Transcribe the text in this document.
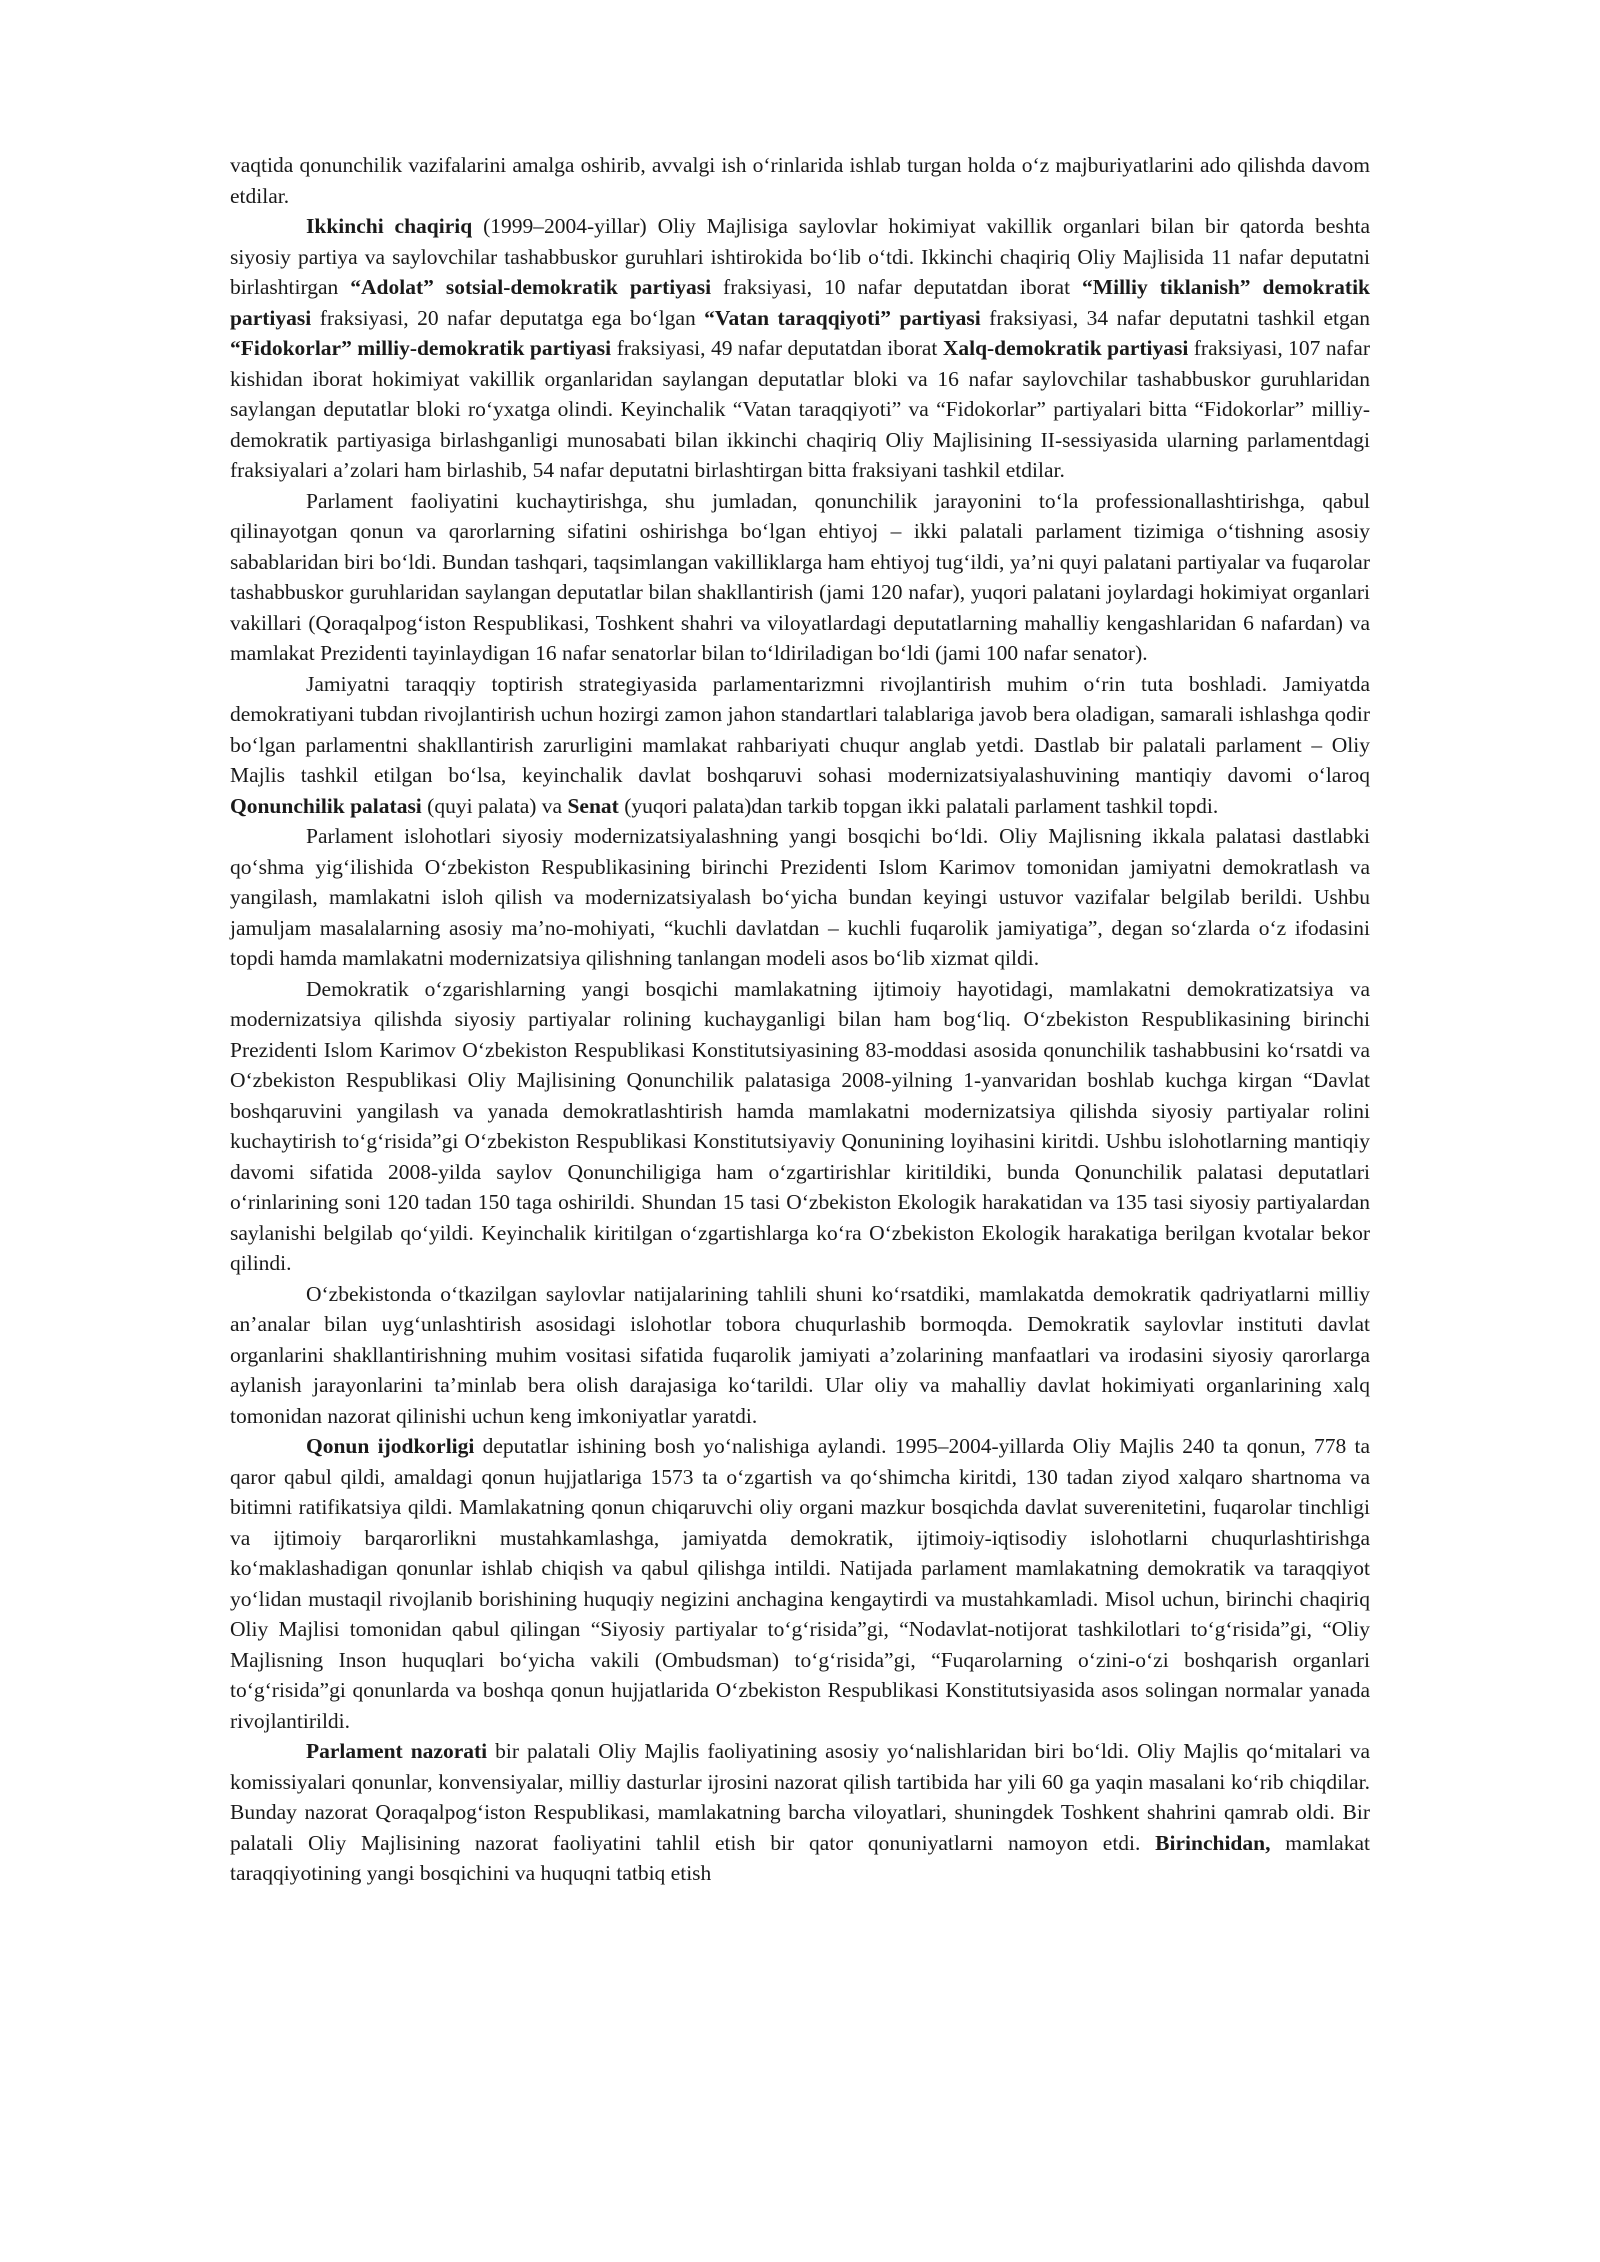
vaqtida qonunchilik vazifalarini amalga oshirib, avvalgi ish o‘rinlarida ishlab turgan holda o‘z majburiyatlarini ado qilishda davom etdilar.

Ikkinchi chaqiriq (1999–2004-yillar) Oliy Majlisiga saylovlar hokimiyat vakillik organlari bilan bir qatorda beshta siyosiy partiya va saylovchilar tashabbuskor guruhlari ishtirokida bo‘lib o‘tdi. Ikkinchi chaqiriq Oliy Majlisida 11 nafar deputatni birlashtirgan “Adolat” sotsial-demokratik partiyasi fraksiyasi, 10 nafar deputatdan iborat “Milliy tiklanish” demokratik partiyasi fraksiyasi, 20 nafar deputatga ega bo‘lgan “Vatan taraqqiyoti” partiyasi fraksiyasi, 34 nafar deputatni tashkil etgan “Fidokorlar” milliy-demokratik partiyasi fraksiyasi, 49 nafar deputatdan iborat Xalq-demokratik partiyasi fraksiyasi, 107 nafar kishidan iborat hokimiyat vakillik organlaridan saylangan deputatlar bloki va 16 nafar saylovchilar tashabbuskor guruhlaridan saylangan deputatlar bloki ro‘yxatga olindi. Keyinchalik “Vatan taraqqiyoti” va “Fidokorlar” partiyalari bitta “Fidokorlar” milliy-demokratik partiyasiga birlashganligi munosabati bilan ikkinchi chaqiriq Oliy Majlisining II-sessiyasida ularning parlamentdagi fraksiyalari a’zolari ham birlashib, 54 nafar deputatni birlashtirgan bitta fraksiyani tashkil etdilar.

Parlament faoliyatini kuchaytirishga, shu jumladan, qonunchilik jarayonini to‘la professionallashtirishga, qabul qilinayotgan qonun va qarorlarning sifatini oshirishga bo‘lgan ehtiyoj – ikki palatali parlament tizimiga o‘tishning asosiy sabablaridan biri bo‘ldi. Bundan tashqari, taqsimlangan vakilliklarga ham ehtiyoj tug‘ildi, ya’ni quyi palatani partiyalar va fuqarolar tashabbuskor guruhlaridan saylangan deputatlar bilan shakllantirish (jami 120 nafar), yuqori palatani joylardagi hokimiyat organlari vakillari (Qoraqalpog‘iston Respublikasi, Toshkent shahri va viloyatlardagi deputatlarning mahalliy kengashlaridan 6 nafardan) va mamlakat Prezidenti tayinlaydigan 16 nafar senatorlar bilan to‘ldiriladigan bo‘ldi (jami 100 nafar senator).

Jamiyatni taraqqiy toptirish strategiyasida parlamentarizmni rivojlantirish muhim o‘rin tuta boshladi. Jamiyatda demokratiyani tubdan rivojlantirish uchun hozirgi zamon jahon standartlari talablariga javob bera oladigan, samarali ishlashga qodir bo‘lgan parlamentni shakllantirish zarurligini mamlakat rahbariyati chuqur anglab yetdi. Dastlab bir palatali parlament – Oliy Majlis tashkil etilgan bo‘lsa, keyinchalik davlat boshqaruvi sohasi modernizatsiyalashuvining mantiqiy davomi o‘laroq Qonunchilik palatasi (quyi palata) va Senat (yuqori palata)dan tarkib topgan ikki palatali parlament tashkil topdi.

Parlament islohotlari siyosiy modernizatsiyalashning yangi bosqichi bo‘ldi. Oliy Majlisning ikkala palatasi dastlabki qo‘shma yig‘ilishida O‘zbekiston Respublikasining birinchi Prezidenti Islom Karimov tomonidan jamiyatni demokratlash va yangilash, mamlakatni isloh qilish va modernizatsiyalash bo‘yicha bundan keyingi ustuvor vazifalar belgilab berildi. Ushbu jamuljam masalalarning asosiy ma’no-mohiyati, “kuchli davlatdan – kuchli fuqarolik jamiyatiga”, degan so‘zlarda o‘z ifodasini topdi hamda mamlakatni modernizatsiya qilishning tanlangan modeli asos bo‘lib xizmat qildi.

Demokratik o‘zgarishlarning yangi bosqichi mamlakatning ijtimoiy hayotidagi, mamlakatni demokratizatsiya va modernizatsiya qilishda siyosiy partiyalar rolining kuchayganligi bilan ham bog‘liq. O‘zbekiston Respublikasining birinchi Prezidenti Islom Karimov O‘zbekiston Respublikasi Konstitutsiyasining 83-moddasi asosida qonunchilik tashabbusini ko‘rsatdi va O‘zbekiston Respublikasi Oliy Majlisining Qonunchilik palatasiga 2008-yilning 1-yanvaridan boshlab kuchga kirgan “Davlat boshqaruvini yangilash va yanada demokratlashtirish hamda mamlakatni modernizatsiya qilishda siyosiy partiyalar rolini kuchaytirish to‘g‘risida”gi O‘zbekiston Respublikasi Konstitutsiyaviy Qonunining loyihasini kiritdi. Ushbu islohotlarning mantiqiy davomi sifatida 2008-yilda saylov Qonunchiligiga ham o‘zgartirishlar kiritildiki, bunda Qonunchilik palatasi deputatlari o‘rinlarining soni 120 tadan 150 taga oshirildi. Shundan 15 tasi O‘zbekiston Ekologik harakatidan va 135 tasi siyosiy partiyalardan saylanishi belgilab qo‘yildi. Keyinchalik kiritilgan o‘zgartishlarga ko‘ra O‘zbekiston Ekologik harakatiga berilgan kvotalar bekor qilindi.

O‘zbekistonda o‘tkazilgan saylovlar natijalarining tahlili shuni ko‘rsatdiki, mamlakatda demokratik qadriyatlarni milliy an’analar bilan uyg‘unlashtirish asosidagi islohotlar tobora chuqurlashib bormoqda. Demokratik saylovlar instituti davlat organlarini shakllantirishning muhim vositasi sifatida fuqarolik jamiyati a’zolarining manfaatlari va irodasini siyosiy qarorlarga aylanish jarayonlarini ta’minlab bera olish darajasiga ko‘tarildi. Ular oliy va mahalliy davlat hokimiyati organlarining xalq tomonidan nazorat qilinishi uchun keng imkoniyatlar yaratdi.

Qonun ijodkorligi deputatlar ishining bosh yo‘nalishiga aylandi. 1995–2004-yillarda Oliy Majlis 240 ta qonun, 778 ta qaror qabul qildi, amaldagi qonun hujjatlariga 1573 ta o‘zgartish va qo‘shimcha kiritdi, 130 tadan ziyod xalqaro shartnoma va bitimni ratifikatsiya qildi. Mamlakatning qonun chiqaruvchi oliy organi mazkur bosqichda davlat suverenitetini, fuqarolar tinchligi va ijtimoiy barqarorlikni mustahkamlashga, jamiyatda demokratik, ijtimoiy-iqtisodiy islohotlarni chuqurlashtirishga ko‘maklashadigan qonunlar ishlab chiqish va qabul qilishga intildi. Natijada parlament mamlakatning demokratik va taraqqiyot yo‘lidan mustaqil rivojlanib borishining huquqiy negizini anchagina kengaytirdi va mustahkamladi. Misol uchun, birinchi chaqiriq Oliy Majlisi tomonidan qabul qilingan “Siyosiy partiyalar to‘g‘risida”gi, “Nodavlat-notijorat tashkilotlari to‘g‘risida”gi, “Oliy Majlisning Inson huquqlari bo‘yicha vakili (Ombudsman) to‘g‘risida”gi, “Fuqarolarning o‘zini-o‘zi boshqarish organlari to‘g‘risida”gi qonunlarda va boshqa qonun hujjatlarida O‘zbekiston Respublikasi Konstitutsiyasida asos solingan normalar yanada rivojlantirildi.

Parlament nazorati bir palatali Oliy Majlis faoliyatining asosiy yo‘nalishlaridan biri bo‘ldi. Oliy Majlis qo‘mitalari va komissiyalari qonunlar, konvensiyalar, milliy dasturlar ijrosini nazorat qilish tartibida har yili 60 ga yaqin masalani ko‘rib chiqdilar. Bunday nazorat Qoraqalpog‘iston Respublikasi, mamlakatning barcha viloyatlari, shuningdek Toshkent shahrini qamrab oldi. Bir palatali Oliy Majlisining nazorat faoliyatini tahlil etish bir qator qonuniyatlarni namoyon etdi. Birinchidan, mamlakat taraqqiyotining yangi bosqichini va huquqni tatbiq etish
